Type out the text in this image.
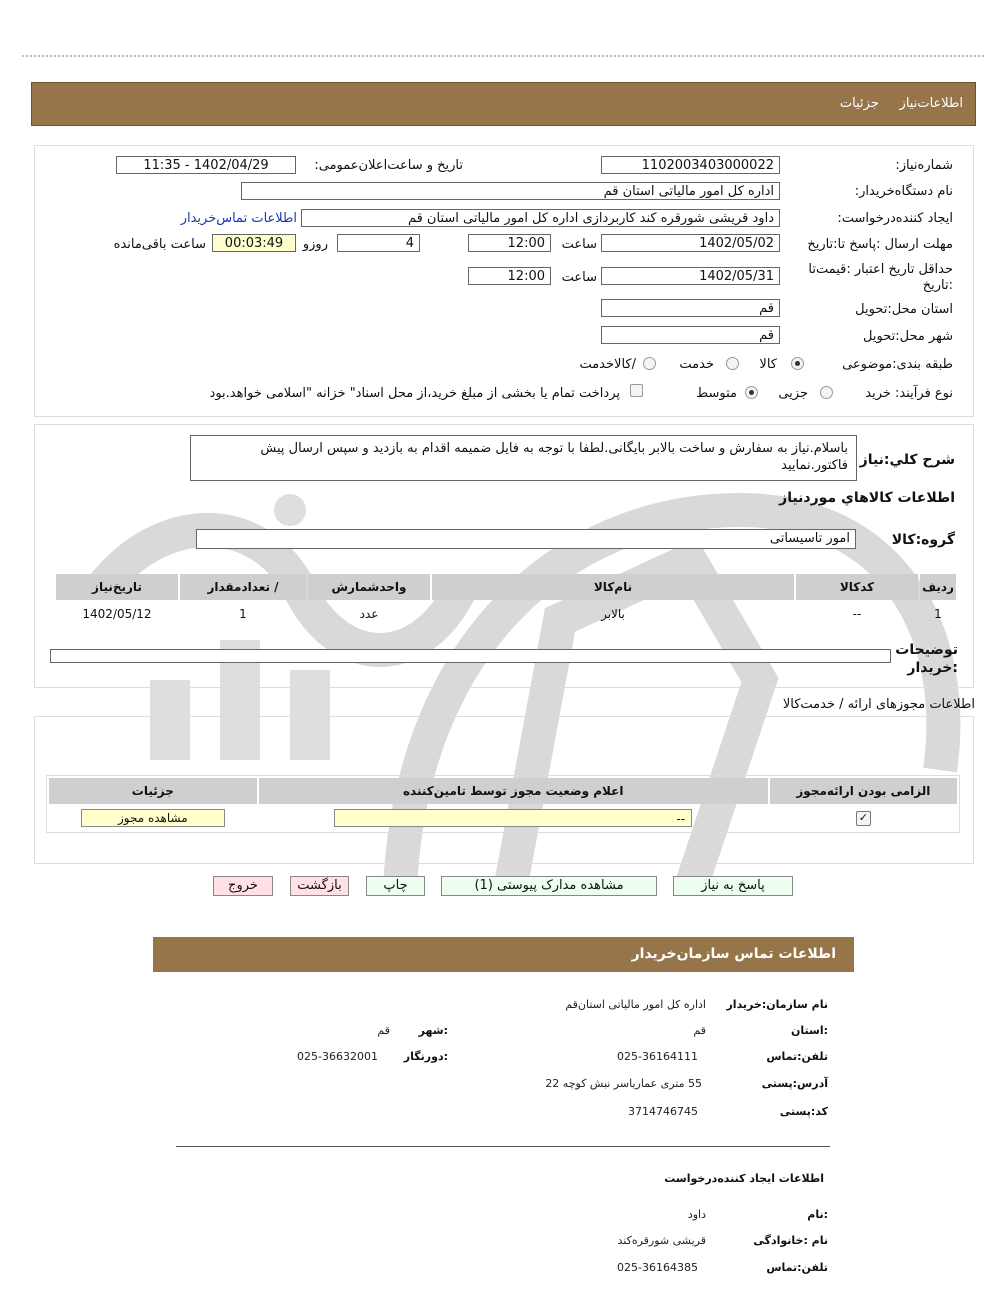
اطلاعات‌نیاز     جزئیات
شماره‌نیاز:
1102003403000022
تاریخ و ساعت‌اعلان‌عمومی:
1402/04/29 - 11:35
نام دستگاه‌خریدار:
اداره کل امور مالیاتی استان قم
ایجاد کننده‌درخواست:
داود قریشی شورقره کند کاربردازی اداره کل امور مالیاتی استان قم
اطلاعات تماس‌خریدار
مهلت ارسال :پاسخ تا:تاریخ
1402/05/02
ساعت
12:00
4
روزو
00:03:49
ساعت باقی‌مانده
حداقل تاریخ اعتبار :قیمت‌تا :تاریخ
1402/05/31
ساعت
12:00
استان محل:تحویل
قم
شهر محل:تحویل
قم
طبقه بندی:موضوعی
کالا
خدمت
/کالاخدمت
نوع فرآیند: خرید
جزیی
متوسط
پرداخت تمام یا بخشی از مبلغ خرید،از محل اسناد" خزانه "اسلامی خواهد.بود
شرح کلي:نياز
باسلام.نیاز به سفارش و ساخت بالابر بایگانی.لطفا با توجه به فایل ضمیمه اقدام به بازدید و سپس ارسال پیش فاکتور.نمایید
اطلاعات کالاهاي موردنياز
گروه:کالا
امور تاسیساتی
ردیف	کدکالا	نام‌کالا	واحدشمارش	/ تعدادمقدار	تاریخ‌نیاز
1	--	بالابر	عدد	1	1402/05/12
توضیحات :خریدار
اطلاعات مجوزهای ارائه / خدمت‌کالا
الزامی بودن ارائه‌مجوز	اعلام وضعیت مجوز توسط تامین‌کننده	جزئیات
✓	--	مشاهده مجوز
پاسخ به نیاز
مشاهده مدارک پیوستی (1)
چاپ
بازگشت
خروج
اطلاعات تماس سازمان‌خریدار
نام سازمان:خریدار
اداره کل امور مالیاتی استان‌قم
:استان
قم
:شهر
قم
تلفن:تماس
025-36164111
:دورنگار
025-36632001
آدرس:پستی
55 متری عمارياسر نبش کوچه 22
کد:پستی
3714746745
اطلاعات ایجاد کننده‌درخواست
:نام
داود
نام :خانوادگی
قریشی شورقره‌کند
تلفن:تماس
025-36164385
